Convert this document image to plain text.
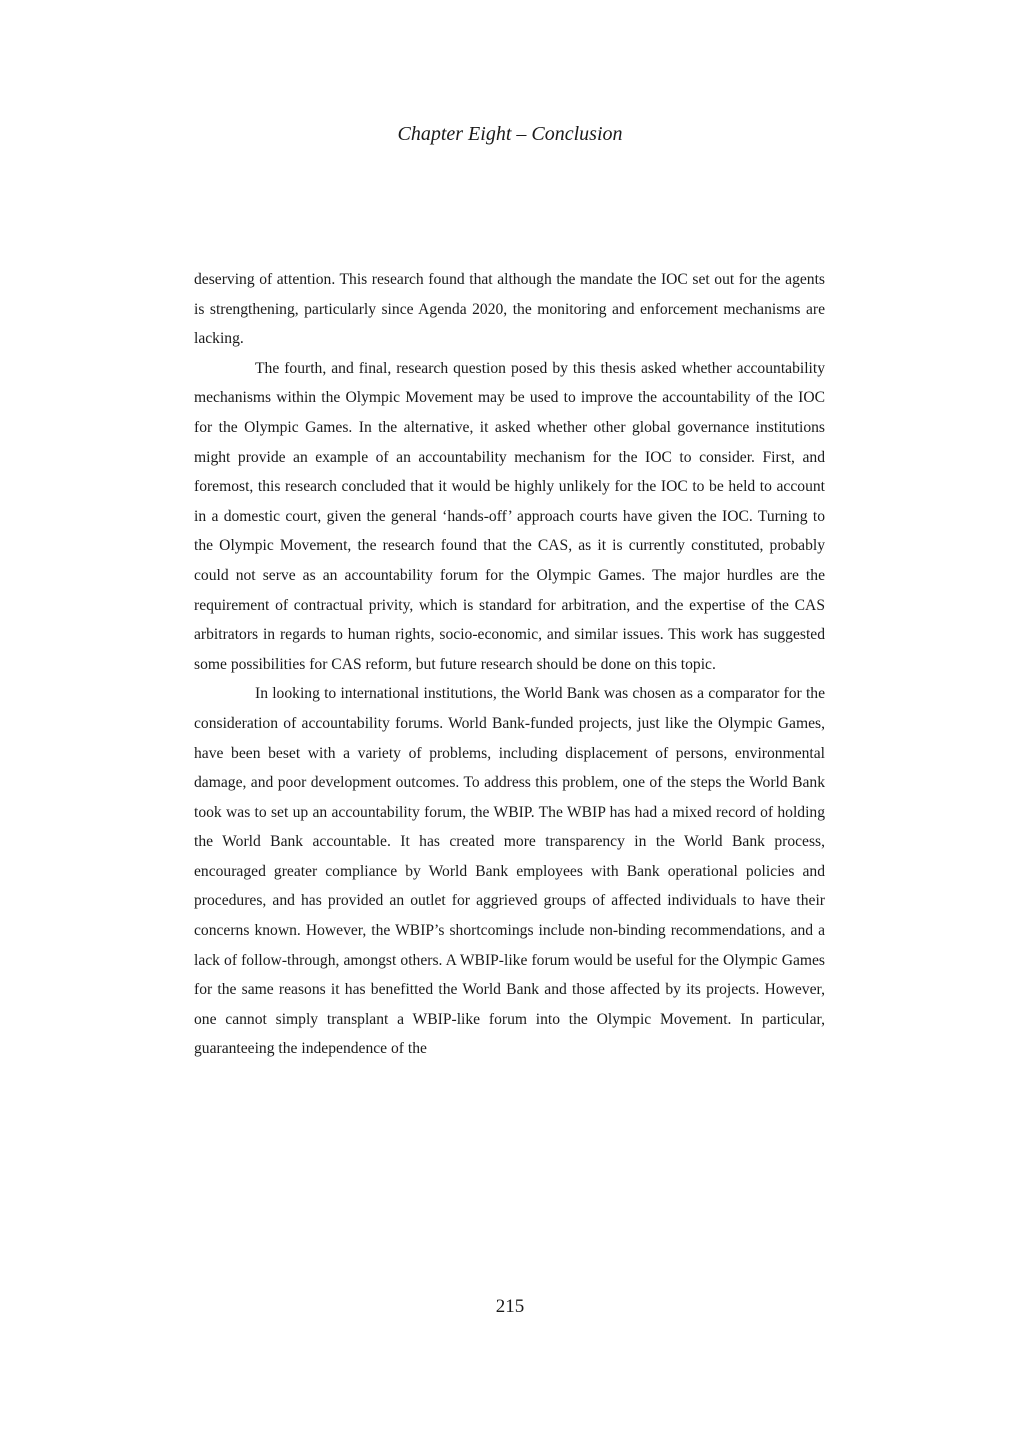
Chapter Eight – Conclusion

deserving of attention. This research found that although the mandate the IOC set out for the agents is strengthening, particularly since Agenda 2020, the monitoring and enforcement mechanisms are lacking.

The fourth, and final, research question posed by this thesis asked whether accountability mechanisms within the Olympic Movement may be used to improve the accountability of the IOC for the Olympic Games. In the alternative, it asked whether other global governance institutions might provide an example of an accountability mechanism for the IOC to consider. First, and foremost, this research concluded that it would be highly unlikely for the IOC to be held to account in a domestic court, given the general ‘hands-off’ approach courts have given the IOC. Turning to the Olympic Movement, the research found that the CAS, as it is currently constituted, probably could not serve as an accountability forum for the Olympic Games. The major hurdles are the requirement of contractual privity, which is standard for arbitration, and the expertise of the CAS arbitrators in regards to human rights, socio-economic, and similar issues. This work has suggested some possibilities for CAS reform, but future research should be done on this topic.

In looking to international institutions, the World Bank was chosen as a comparator for the consideration of accountability forums. World Bank-funded projects, just like the Olympic Games, have been beset with a variety of problems, including displacement of persons, environmental damage, and poor development outcomes. To address this problem, one of the steps the World Bank took was to set up an accountability forum, the WBIP. The WBIP has had a mixed record of holding the World Bank accountable. It has created more transparency in the World Bank process, encouraged greater compliance by World Bank employees with Bank operational policies and procedures, and has provided an outlet for aggrieved groups of affected individuals to have their concerns known. However, the WBIP’s shortcomings include non-binding recommendations, and a lack of follow-through, amongst others. A WBIP-like forum would be useful for the Olympic Games for the same reasons it has benefitted the World Bank and those affected by its projects. However, one cannot simply transplant a WBIP-like forum into the Olympic Movement. In particular, guaranteeing the independence of the

215
